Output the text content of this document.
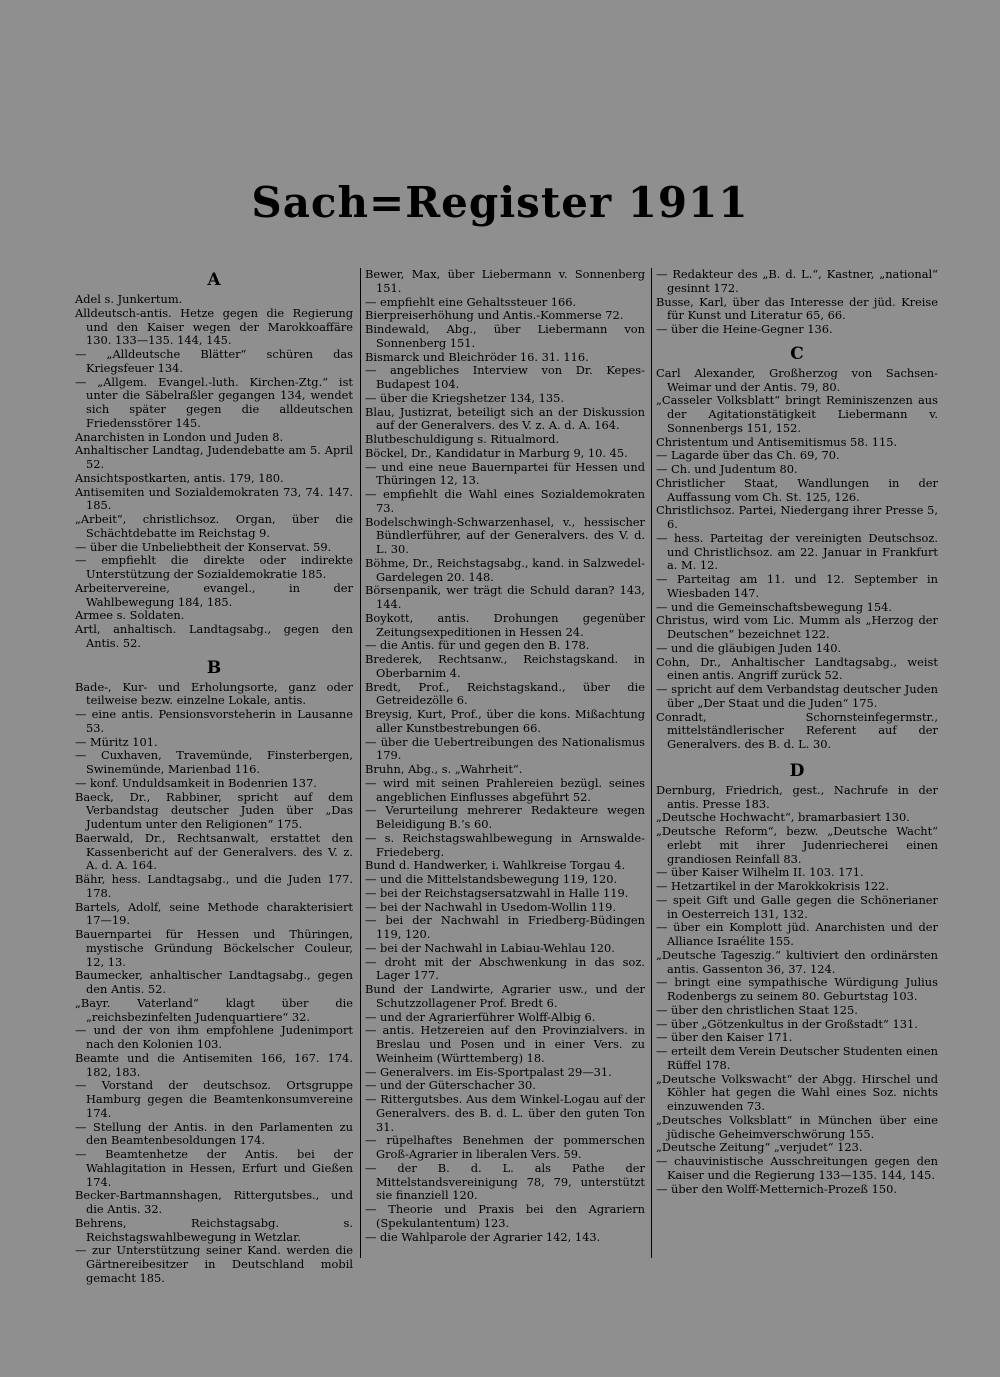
Sach=Register 1911
A

Adel s. Junkertum.

Alldeutsch-antis. Hetze gegen die Regierung und den Kaiser wegen der Marokkoaffäre 130. 133—135. 144, 145.

— „Alldeutsche Blätter“ schüren das Kriegsfeuer 134.

— „Allgem. Evangel.-luth. Kirchen-Ztg.“ ist unter die Säbelraßler gegangen 134, wendet sich später gegen die alldeutschen Friedensstörer 145.

Anarchisten in London und Juden 8.

Anhaltischer Landtag, Judendebatte am 5. April 52.

Ansichtspostkarten, antis. 179, 180.

Antisemiten und Sozialdemokraten 73, 74. 147. 185.

„Arbeit“, christlichsoz. Organ, über die Schächtdebatte im Reichstag 9.

— über die Unbeliebtheit der Konservat. 59.

— empfiehlt die direkte oder indirekte Unterstützung der Sozialdemokratie 185.

Arbeitervereine, evangel., in der Wahlbewegung 184, 185.

Armee s. Soldaten.

Artl, anhaltisch. Landtagsabg., gegen den Antis. 52.

B

Bade-, Kur- und Erholungsorte, ganz oder teilweise bezw. einzelne Lokale, antis.

— eine antis. Pensionsvorsteherin in Lausanne 53.

— Müritz 101.

— Cuxhaven, Travemünde, Finsterbergen, Swinemünde, Marienbad 116.

— konf. Unduldsamkeit in Bodenrien 137.

Baeck, Dr., Rabbiner, spricht auf dem Verbandstag deutscher Juden über „Das Judentum unter den Religionen“ 175.

Baerwald, Dr., Rechtsanwalt, erstattet den Kassenbericht auf der Generalvers. des V. z. A. d. A. 164.

Bähr, hess. Landtagsabg., und die Juden 177. 178.

Bartels, Adolf, seine Methode charakterisiert 17—19.

Bauernpartei für Hessen und Thüringen, mystische Gründung Böckelscher Couleur, 12, 13.

Baumecker, anhaltischer Landtagsabg., gegen den Antis. 52.

„Bayr. Vaterland“ klagt über die „reichsbezinfelten Judenquartiere“ 32.

— und der von ihm empfohlene Judenimport nach den Kolonien 103.

Beamte und die Antisemiten 166, 167. 174. 182, 183.

— Vorstand der deutschsoz. Ortsgruppe Hamburg gegen die Beamtenkonsumvereine 174.

— Stellung der Antis. in den Parlamenten zu den Beamtenbesoldungen 174.

— Beamtenhetze der Antis. bei der Wahlagitation in Hessen, Erfurt und Gießen 174.

Becker-Bartmannshagen, Rittergutsbes., und die Antis. 32.

Behrens, Reichstagsabg. s. Reichstagswahlbewegung in Wetzlar.

— zur Unterstützung seiner Kand. werden die Gärtnereibesitzer in Deutschland mobil gemacht 185.

Bewer, Max, über Liebermann v. Sonnenberg 151.

— empfiehlt eine Gehaltssteuer 166.

Bierpreiserhöhung und Antis.-Kommerse 72.

Bindewald, Abg., über Liebermann von Sonnenberg 151.

Bismarck und Bleichröder 16. 31. 116.

— angebliches Interview von Dr. Kepes-Budapest 104.

— über die Kriegshetzer 134, 135.

Blau, Justizrat, beteiligt sich an der Diskussion auf der Generalvers. des V. z. A. d. A. 164.

Blutbeschuldigung s. Ritualmord.

Böckel, Dr., Kandidatur in Marburg 9, 10. 45.

— und eine neue Bauernpartei für Hessen und Thüringen 12, 13.

— empfiehlt die Wahl eines Sozialdemokraten 73.

Bodelschwingh-Schwarzenhasel, v., hessischer Bündlerführer, auf der Generalvers. des V. d. L. 30.

Böhme, Dr., Reichstagsabg., kand. in Salzwedel-Gardelegen 20. 148.

Börsenpanik, wer trägt die Schuld daran? 143, 144.

Boykott, antis. Drohungen gegenüber Zeitungsexpeditionen in Hessen 24.

— die Antis. für und gegen den B. 178.

Brederek, Rechtsanw., Reichstagskand. in Oberbarnim 4.

Bredt, Prof., Reichstagskand., über die Getreidezölle 6.

Breysig, Kurt, Prof., über die kons. Mißachtung aller Kunstbestrebungen 66.

— über die Uebertreibungen des Nationalismus 179.

Bruhn, Abg., s. „Wahrheit“.

— wird mit seinen Prahlereien bezügl. seines angeblichen Einflusses abgeführt 52.

— Verurteilung mehrerer Redakteure wegen Beleidigung B.’s 60.

— s. Reichstagswahlbewegung in Arnswalde-Friedeberg.

Bund d. Handwerker, i. Wahlkreise Torgau 4.

— und die Mittelstandsbewegung 119, 120.

— bei der Reichstagsersatzwahl in Halle 119.

— bei der Nachwahl in Usedom-Wollin 119.

— bei der Nachwahl in Friedberg-Büdingen 119, 120.

— bei der Nachwahl in Labiau-Wehlau 120.

— droht mit der Abschwenkung in das soz. Lager 177.

Bund der Landwirte, Agrarier usw., und der Schutzzollagener Prof. Bredt 6.

— und der Agrarierführer Wolff-Albig 6.

— antis. Hetzereien auf den Provinzialvers. in Breslau und Posen und in einer Vers. zu Weinheim (Württemberg) 18.

— Generalvers. im Eis-Sportpalast 29—31.

— und der Güterschacher 30.

— Rittergutsbes. Aus dem Winkel-Logau auf der Generalvers. des B. d. L. über den guten Ton 31.

— rüpelhaftes Benehmen der pommerschen Groß-Agrarier in liberalen Vers. 59.

— der B. d. L. als Pathe der Mittelstandsvereinigung 78, 79, unterstützt sie finanziell 120.

— Theorie und Praxis bei den Agrariern (Spekulantentum) 123.

— die Wahlparole der Agrarier 142, 143.

— Redakteur des „B. d. L.“, Kastner, „national“ gesinnt 172.

Busse, Karl, über das Interesse der jüd. Kreise für Kunst und Literatur 65, 66.

— über die Heine-Gegner 136.

C

Carl Alexander, Großherzog von Sachsen-Weimar und der Antis. 79, 80.

„Casseler Volksblatt“ bringt Reminiszenzen aus der Agitationstätigkeit Liebermann v. Sonnenbergs 151, 152.

Christentum und Antisemitismus 58. 115.

— Lagarde über das Ch. 69, 70.

— Ch. und Judentum 80.

Christlicher Staat, Wandlungen in der Auffassung vom Ch. St. 125, 126.

Christlichsoz. Partei, Niedergang ihrer Presse 5, 6.

— hess. Parteitag der vereinigten Deutschsoz. und Christlichsoz. am 22. Januar in Frankfurt a. M. 12.

— Parteitag am 11. und 12. September in Wiesbaden 147.

— und die Gemeinschaftsbewegung 154.

Christus, wird vom Lic. Mumm als „Herzog der Deutschen“ bezeichnet 122.

— und die gläubigen Juden 140.

Cohn, Dr., Anhaltischer Landtagsabg., weist einen antis. Angriff zurück 52.

— spricht auf dem Verbandstag deutscher Juden über „Der Staat und die Juden“ 175.

Conradt, Schornsteinfegermstr., mittelständlerischer Referent auf der Generalvers. des B. d. L. 30.

D

Dernburg, Friedrich, gest., Nachrufe in der antis. Presse 183.

„Deutsche Hochwacht“, bramarbasiert 130.

„Deutsche Reform“, bezw. „Deutsche Wacht“ erlebt mit ihrer Judenriecherei einen grandiosen Reinfall 83.

— über Kaiser Wilhelm II. 103. 171.

— Hetzartikel in der Marokkokrisis 122.

— speit Gift und Galle gegen die Schönerianer in Oesterreich 131, 132.

— über ein Komplott jüd. Anarchisten und der Alliance Israélite 155.

„Deutsche Tageszig.“ kultiviert den ordinärsten antis. Gassenton 36, 37. 124.

— bringt eine sympathische Würdigung Julius Rodenbergs zu seinem 80. Geburtstag 103.

— über den christlichen Staat 125.

— über „Götzenkultus in der Großstadt“ 131.

— über den Kaiser 171.

— erteilt dem Verein Deutscher Studenten einen Rüffel 178.

„Deutsche Volkswacht“ der Abgg. Hirschel und Köhler hat gegen die Wahl eines Soz. nichts einzuwenden 73.

„Deutsches Volksblatt“ in München über eine jüdische Geheimverschwörung 155.

„Deutsche Zeitung“ „verjudet“ 123.

— chauvinistische Ausschreitungen gegen den Kaiser und die Regierung 133—135. 144, 145.

— über den Wolff-Metternich-Prozeß 150.
